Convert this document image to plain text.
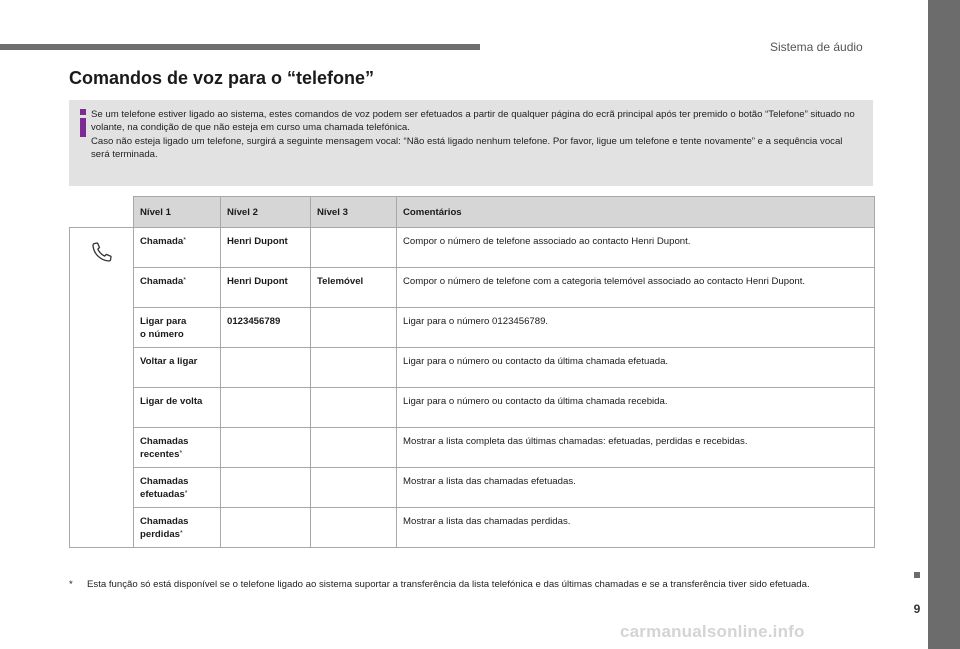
Sistema de áudio
9
Comandos de voz para o “telefone”

Se um telefone estiver ligado ao sistema, estes comandos de voz podem ser efetuados a partir de qualquer página do ecrã principal após ter premido o botão “Telefone” situado no volante, na condição de que não esteja em curso uma chamada telefónica.

Caso não esteja ligado um telefone, surgirá a seguinte mensagem vocal: “Não está ligado nenhum telefone. Por favor, ligue um telefone e tente novamente” e a sequência vocal será terminada.

	Nível 1	Nível 2	Nível 3	Comentários

	Chamada*	Henri Dupont		Compor o número de telefone associado ao contacto Henri Dupont.
	Chamada*	Henri Dupont	Telemóvel	Compor o número de telefone com a categoria telemóvel associado ao contacto Henri Dupont.
	Ligar para
o número	0123456789		Ligar para o número 0123456789.
	Voltar a ligar			Ligar para o número ou contacto da última chamada efetuada.
	Ligar de volta			Ligar para o número ou contacto da última chamada recebida.
	Chamadas
recentes*			Mostrar a lista completa das últimas chamadas: efetuadas, perdidas e recebidas.
	Chamadas
efetuadas*			Mostrar a lista das chamadas efetuadas.
	Chamadas
perdidas*			Mostrar a lista das chamadas perdidas.
* Esta função só está disponível se o telefone ligado ao sistema suportar a transferência da lista telefónica e das últimas chamadas e se a transferência tiver sido efetuada.
carmanualsonline.info
